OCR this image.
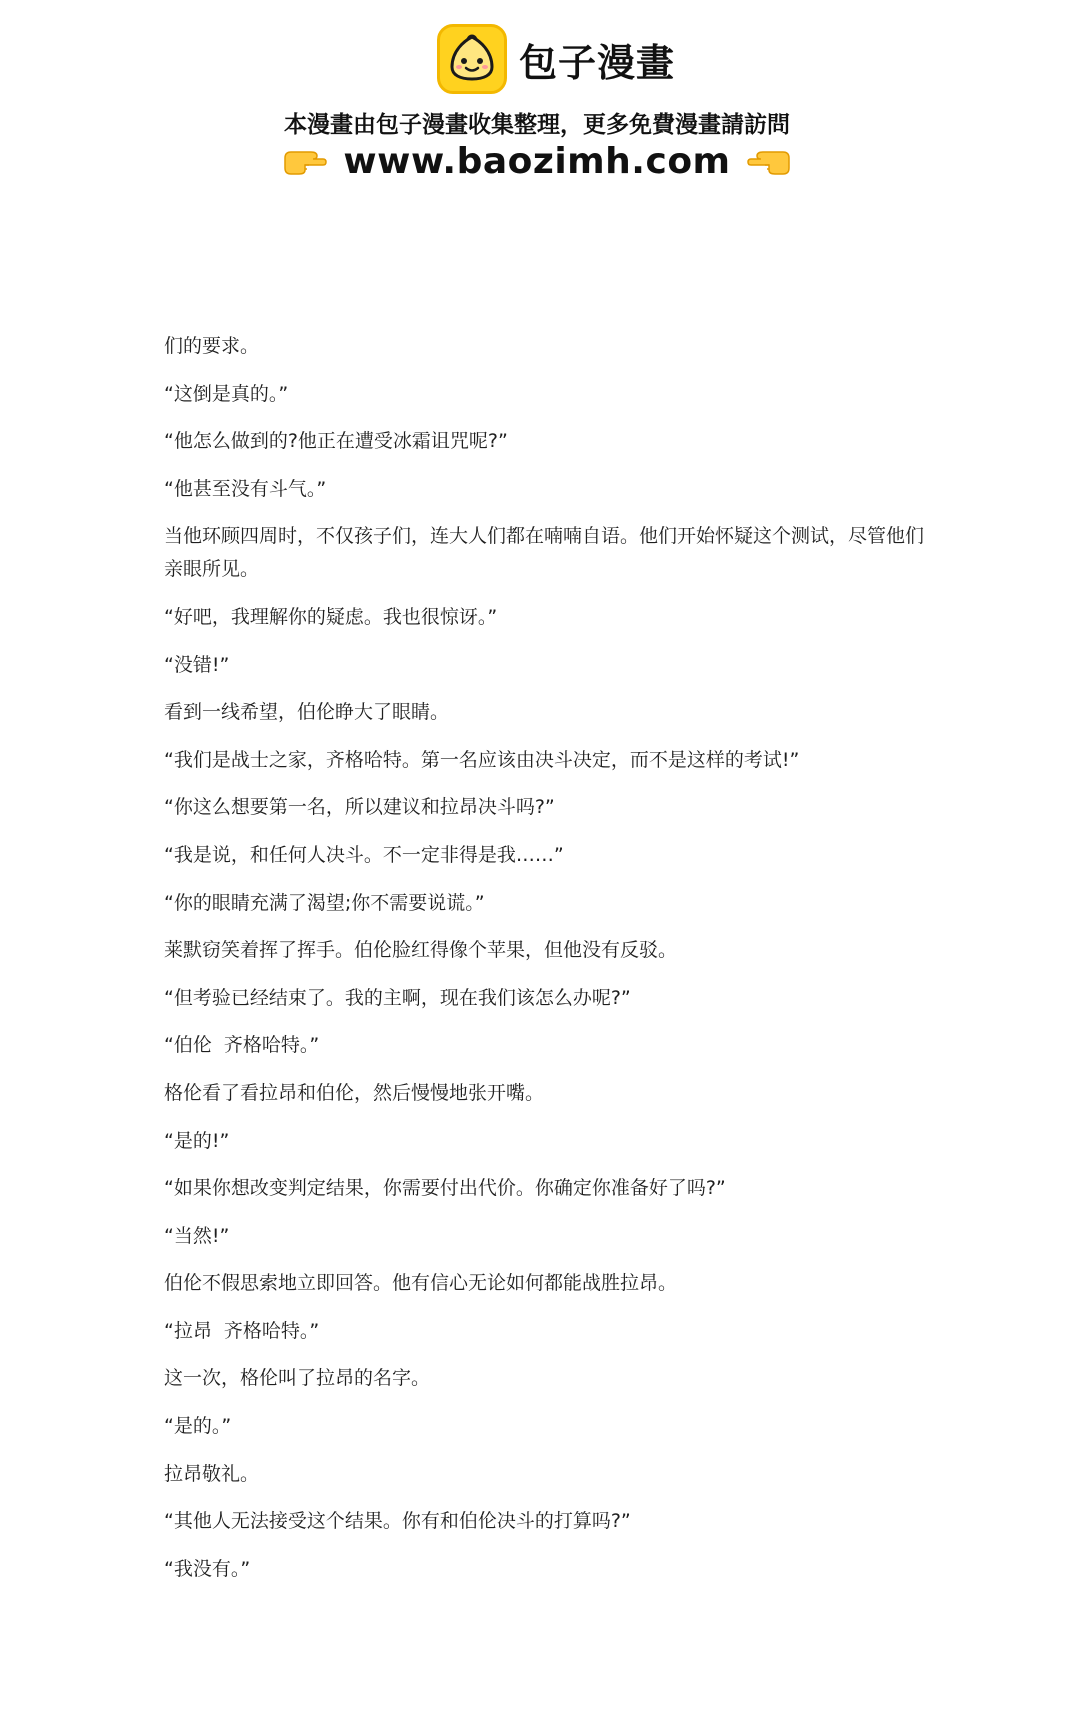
包子漫畫
本漫畫由包子漫畫收集整理，更多免費漫畫請訪問
www.baozimh.com

们的要求。

“这倒是真的。”

“他怎么做到的?他正在遭受冰霜诅咒呢?”

“他甚至没有斗气。”

当他环顾四周时，不仅孩子们，连大人们都在喃喃自语。他们开始怀疑这个测试，尽管他们亲眼所见。

“好吧，我理解你的疑虑。我也很惊讶。”

“没错!”

看到一线希望，伯伦睁大了眼睛。

“我们是战士之家，齐格哈特。第一名应该由决斗决定，而不是这样的考试!”

“你这么想要第一名，所以建议和拉昂决斗吗?”

“我是说，和任何人决斗。不一定非得是我……”

“你的眼睛充满了渴望;你不需要说谎。”

莱默窃笑着挥了挥手。伯伦脸红得像个苹果，但他没有反驳。

“但考验已经结束了。我的主啊，现在我们该怎么办呢?”

“伯伦  齐格哈特。”

格伦看了看拉昂和伯伦，然后慢慢地张开嘴。

“是的!”

“如果你想改变判定结果，你需要付出代价。你确定你准备好了吗?”

“当然!”

伯伦不假思索地立即回答。他有信心无论如何都能战胜拉昂。

“拉昂  齐格哈特。”

这一次，格伦叫了拉昂的名字。

“是的。”

拉昂敬礼。

“其他人无法接受这个结果。你有和伯伦决斗的打算吗?”

“我没有。”
